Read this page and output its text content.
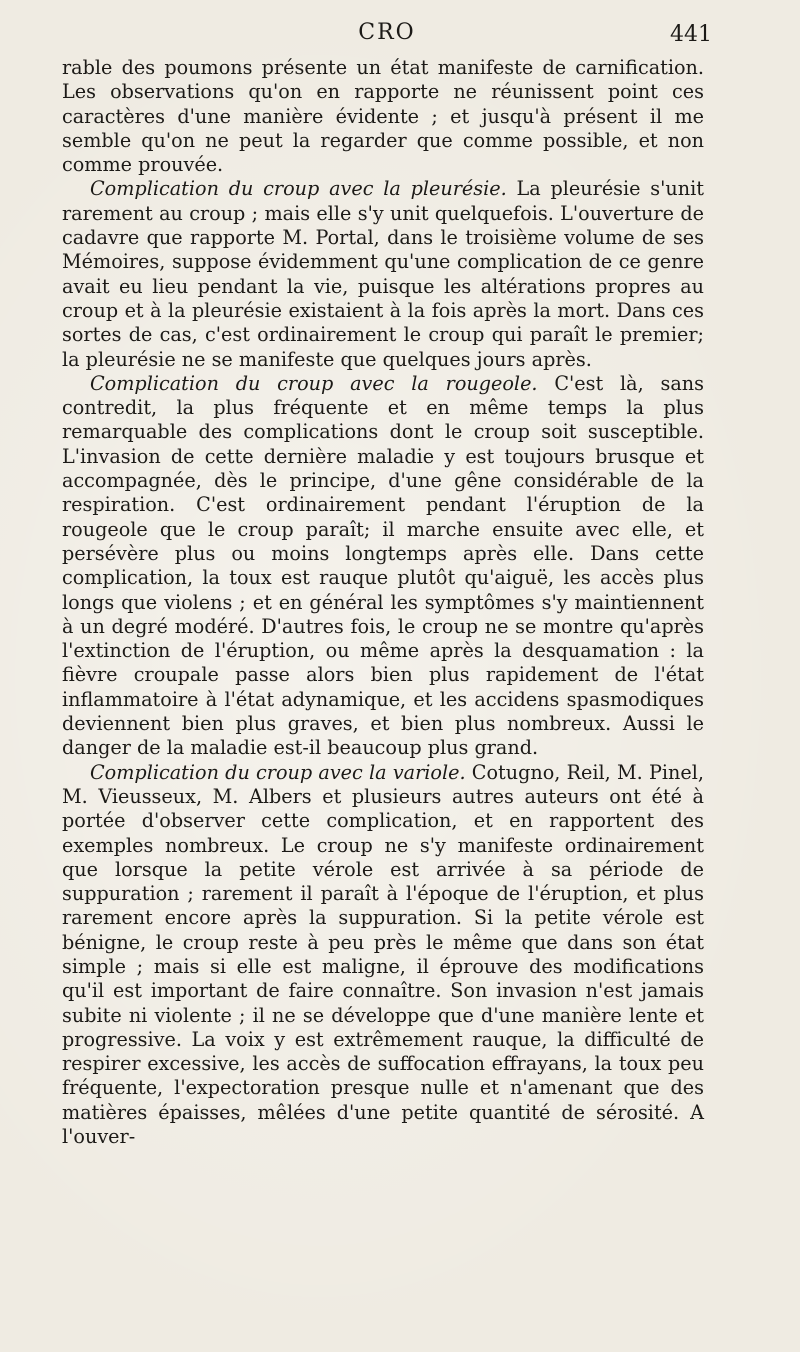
CRO	441

rable des poumons présente un état manifeste de carnification. Les observations qu'on en rapporte ne réunissent point ces caractères d'une manière évidente ; et jusqu'à présent il me semble qu'on ne peut la regarder que comme possible, et non comme prouvée.

Complication du croup avec la pleurésie. La pleurésie s'unit rarement au croup ; mais elle s'y unit quelquefois. L'ouverture de cadavre que rapporte M. Portal, dans le troisième volume de ses Mémoires, suppose évidemment qu'une complication de ce genre avait eu lieu pendant la vie, puisque les altérations propres au croup et à la pleurésie existaient à la fois après la mort. Dans ces sortes de cas, c'est ordinairement le croup qui paraît le premier; la pleurésie ne se manifeste que quelques jours après.

Complication du croup avec la rougeole. C'est là, sans contredit, la plus fréquente et en même temps la plus remarquable des complications dont le croup soit susceptible. L'invasion de cette dernière maladie y est toujours brusque et accompagnée, dès le principe, d'une gêne considérable de la respiration. C'est ordinairement pendant l'éruption de la rougeole que le croup paraît; il marche ensuite avec elle, et persévère plus ou moins longtemps après elle. Dans cette complication, la toux est rauque plutôt qu'aiguë, les accès plus longs que violens ; et en général les symptômes s'y maintiennent à un degré modéré. D'autres fois, le croup ne se montre qu'après l'extinction de l'éruption, ou même après la desquamation : la fièvre croupale passe alors bien plus rapidement de l'état inflammatoire à l'état adynamique, et les accidens spasmodiques deviennent bien plus graves, et bien plus nombreux. Aussi le danger de la maladie est-il beaucoup plus grand.

Complication du croup avec la variole. Cotugno, Reil, M. Pinel, M. Vieusseux, M. Albers et plusieurs autres auteurs ont été à portée d'observer cette complication, et en rapportent des exemples nombreux. Le croup ne s'y manifeste ordinairement que lorsque la petite vérole est arrivée à sa période de suppuration ; rarement il paraît à l'époque de l'éruption, et plus rarement encore après la suppuration. Si la petite vérole est bénigne, le croup reste à peu près le même que dans son état simple ; mais si elle est maligne, il éprouve des modifications qu'il est important de faire connaître. Son invasion n'est jamais subite ni violente ; il ne se développe que d'une manière lente et progressive. La voix y est extrêmement rauque, la difficulté de respirer excessive, les accès de suffocation effrayans, la toux peu fréquente, l'expectoration presque nulle et n'amenant que des matières épaisses, mêlées d'une petite quantité de sérosité. A l'ouver-
